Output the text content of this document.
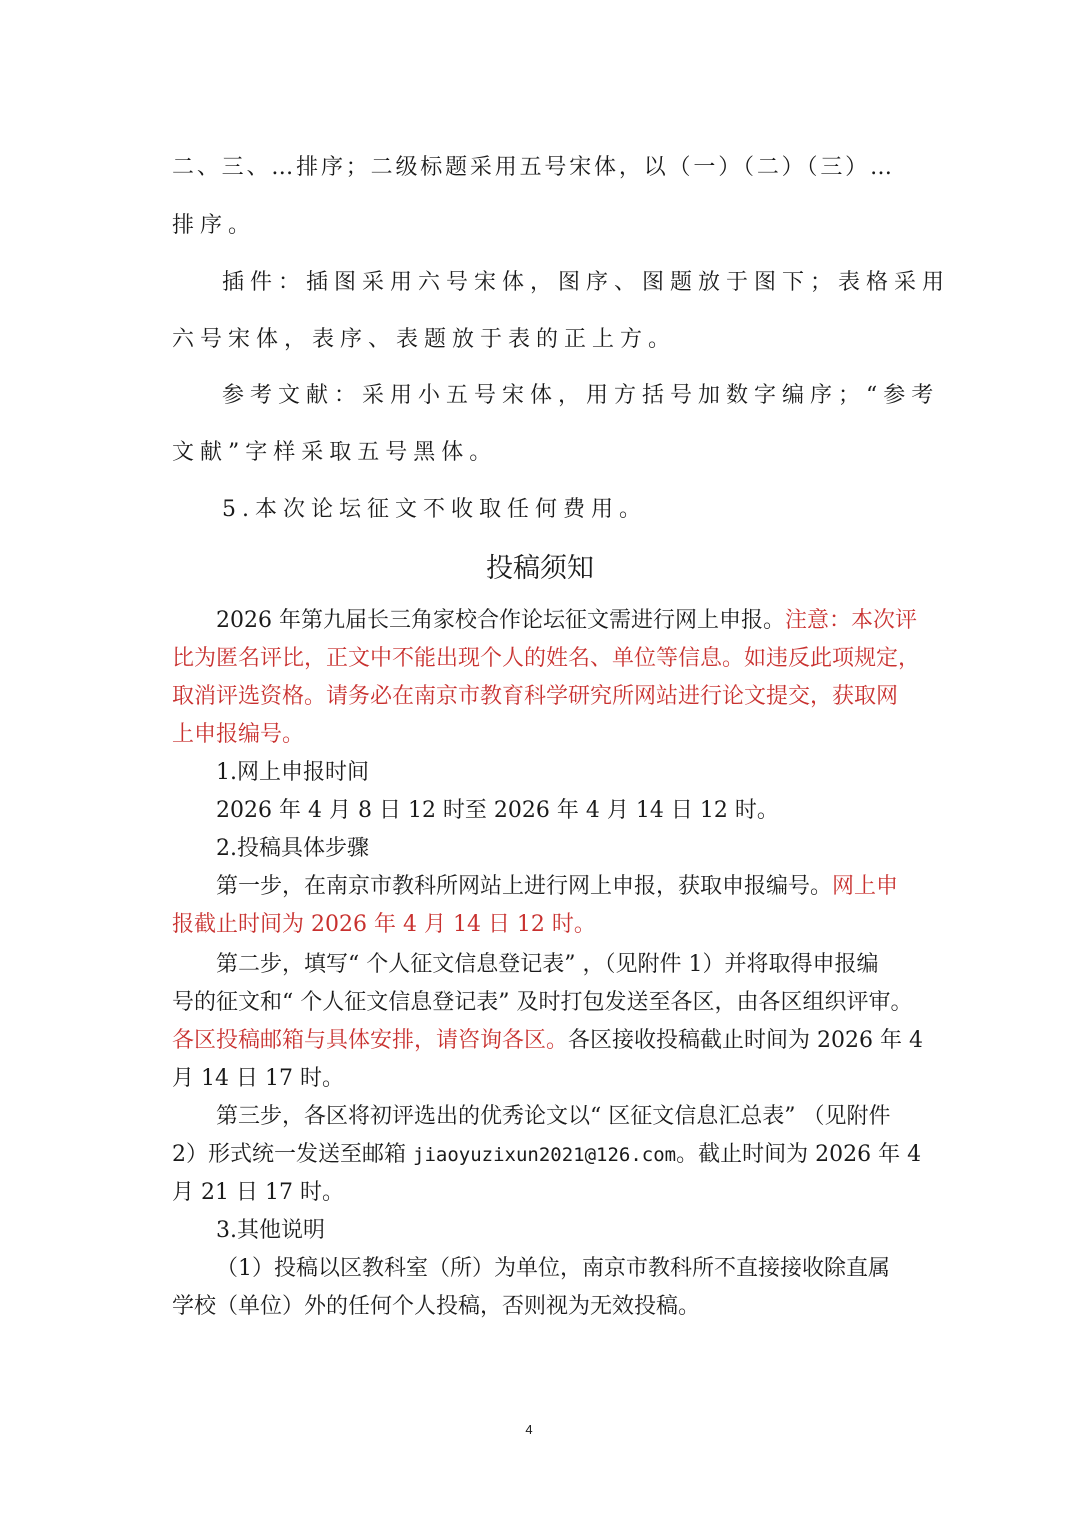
二、三、…排序；二级标题采用五号宋体，以（一）（二）（三）…
排序。
插件：插图采用六号宋体，图序、图题放于图下；表格采用
六号宋体，表序、表题放于表的正上方。
参考文献：采用小五号宋体，用方括号加数字编序；“参考
文献”字样采取五号黑体。
5.本次论坛征文不收取任何费用。
投稿须知
2026 年第九届长三角家校合作论坛征文需进行网上申报。注意：本次评
比为匿名评比，正文中不能出现个人的姓名、单位等信息。如违反此项规定，
取消评选资格。请务必在南京市教育科学研究所网站进行论文提交，获取网
上申报编号。
1.网上申报时间
2026 年 4 月 8 日 12 时至 2026 年 4 月 14 日 12 时。
2.投稿具体步骤
第一步，在南京市教科所网站上进行网上申报，获取申报编号。网上申
报截止时间为 2026 年 4 月 14 日 12 时。
第二步，填写“ 个人征文信息登记表” ，（见附件 1）并将取得申报编
号的征文和“ 个人征文信息登记表” 及时打包发送至各区，由各区组织评审。
各区投稿邮箱与具体安排，请咨询各区。各区接收投稿截止时间为 2026 年 4
月 14 日 17 时。
第三步，各区将初评选出的优秀论文以“ 区征文信息汇总表” （见附件
2）形式统一发送至邮箱 jiaoyuzixun2021@126.com。截止时间为 2026 年 4
月 21 日 17 时。
3.其他说明
（1）投稿以区教科室（所）为单位，南京市教科所不直接接收除直属
学校（单位）外的任何个人投稿，否则视为无效投稿。
4
